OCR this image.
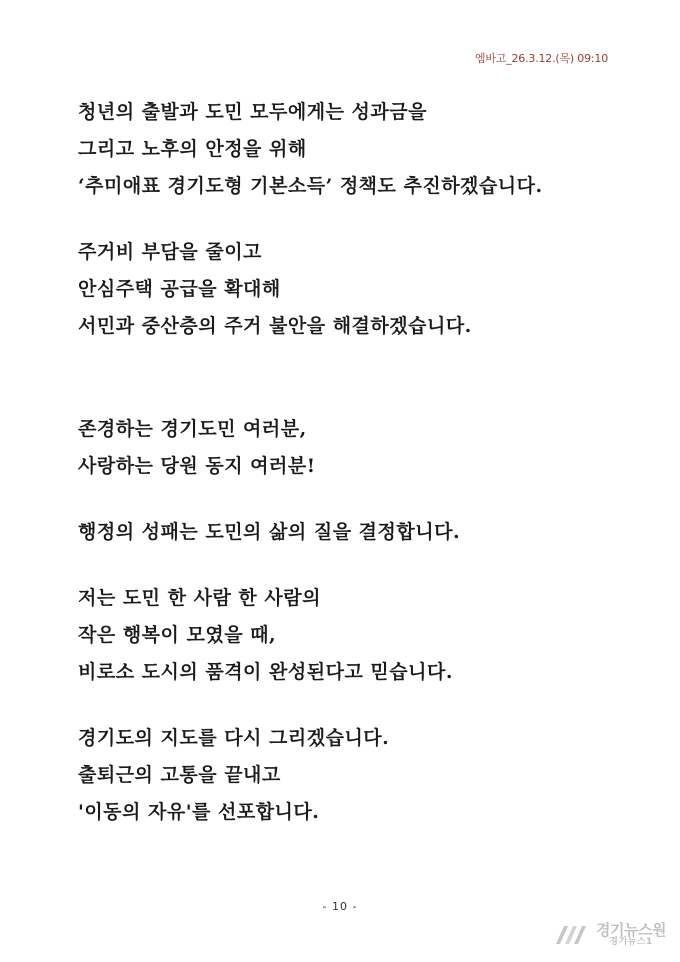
엠바고_26.3.12.(목) 09:10
청년의 출발과 도민 모두에게는 성과금을
그리고 노후의 안정을 위해
‘추미애표 경기도형 기본소득’ 정책도 추진하겠습니다.
주거비 부담을 줄이고
안심주택 공급을 확대해
서민과 중산층의 주거 불안을 해결하겠습니다.
존경하는 경기도민 여러분,
사랑하는 당원 동지 여러분!
행정의 성패는 도민의 삶의 질을 결정합니다.
저는 도민 한 사람 한 사람의
작은 행복이 모였을 때,
비로소 도시의 품격이 완성된다고 믿습니다.
경기도의 지도를 다시 그리겠습니다.
출퇴근의 고통을 끝내고
'이동의 자유'를 선포합니다.
- 10 -
경기뉴스원
경기뉴스1
